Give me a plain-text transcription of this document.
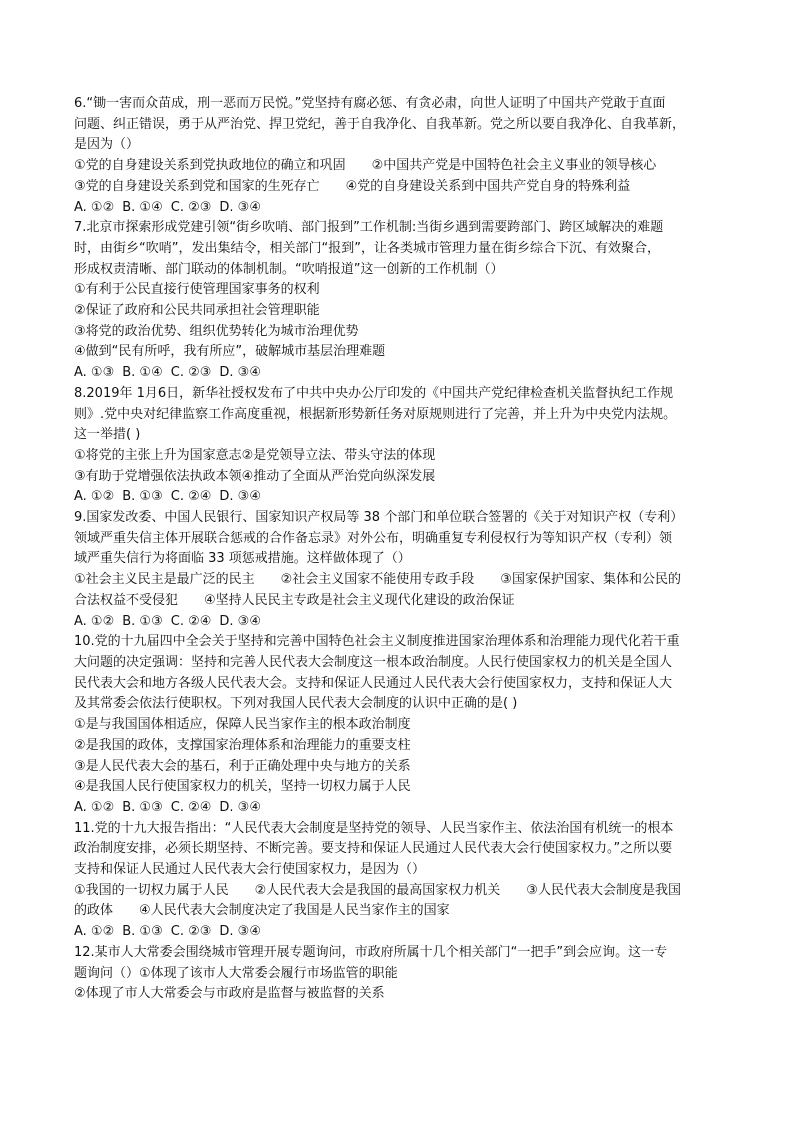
6.“锄一害而众苗成，刑一恶而万民悦。”党坚持有腐必惩、有贪必肃，向世人证明了中国共产党敢于直面
问题、纠正错误，勇于从严治党、捍卫党纪，善于自我净化、自我革新。党之所以要自我净化、自我革新，
是因为（）
①党的自身建设关系到党执政地位的确立和巩固　　②中国共产党是中国特色社会主义事业的领导核心
③党的自身建设关系到党和国家的生死存亡　　④党的自身建设关系到中国共产党自身的特殊利益
A. ①② B. ①④ C. ②③ D. ③④
7.北京市探索形成党建引领“街乡吹哨、部门报到”工作机制:当街乡遇到需要跨部门、跨区域解决的难题
时，由街乡“吹哨”，发出集结令，相关部门“报到”，让各类城市管理力量在街乡综合下沉、有效聚合，
形成权责清晰、部门联动的体制机制。“吹哨报道”这一创新的工作机制（）
①有利于公民直接行使管理国家事务的权利
②保证了政府和公民共同承担社会管理职能
③将党的政治优势、组织优势转化为城市治理优势
④做到“民有所呼，我有所应”，破解城市基层治理难题
A. ①③ B. ①④ C. ②③ D. ③④
8.2019年 1月6日，新华社授权发布了中共中央办公厅印发的《中国共产党纪律检查机关监督执纪工作规
则》.党中央对纪律监察工作高度重视，根据新形势新任务对原规则进行了完善，并上升为中央党内法规。
这一举措( )
①将党的主张上升为国家意志②是党领导立法、带头守法的体现
③有助于党增强依法执政本领④推动了全面从严治党向纵深发展
A. ①② B. ①③ C. ②④ D. ③④
9.国家发改委、中国人民银行、国家知识产权局等 38 个部门和单位联合签署的《关于对知识产权（专利）
领域严重失信主体开展联合惩戒的合作备忘录》对外公布，明确重复专利侵权行为等知识产权（专利）领
域严重失信行为将面临 33 项惩戒措施。这样做体现了（）
①社会主义民主是最广泛的民主　　②社会主义国家不能使用专政手段　　③国家保护国家、集体和公民的
合法权益不受侵犯　　④坚持人民民主专政是社会主义现代化建设的政治保证
A. ①② B. ①③ C. ②④ D. ③④
10.党的十九届四中全会关于坚持和完善中国特色社会主义制度推进国家治理体系和治理能力现代化若干重
大问题的决定强调：坚持和完善人民代表大会制度这一根本政治制度。人民行使国家权力的机关是全国人
民代表大会和地方各级人民代表大会。支持和保证人民通过人民代表大会行使国家权力，支持和保证人大
及其常委会依法行使职权。下列对我国人民代表大会制度的认识中正确的是( )
①是与我国国体相适应，保障人民当家作主的根本政治制度
②是我国的政体，支撑国家治理体系和治理能力的重要支柱
③是人民代表大会的基石，利于正确处理中央与地方的关系
④是我国人民行使国家权力的机关，坚持一切权力属于人民
A. ①② B. ①③ C. ②④ D. ③④
11.党的十九大报告指出：“人民代表大会制度是坚持党的领导、人民当家作主、依法治国有机统一的根本
政治制度安排，必须长期坚持、不断完善。要支持和保证人民通过人民代表大会行使国家权力。”之所以要
支持和保证人民通过人民代表大会行使国家权力，是因为（）
①我国的一切权力属于人民　　②人民代表大会是我国的最高国家权力机关　　③人民代表大会制度是我国
的政体　　④人民代表大会制度决定了我国是人民当家作主的国家
A. ①② B. ①③ C. ②③ D. ③④
12.某市人大常委会围绕城市管理开展专题询问，市政府所属十几个相关部门“一把手”到会应询。这一专
题询问（）①体现了该市人大常委会履行市场监管的职能
②体现了市人大常委会与市政府是监督与被监督的关系
